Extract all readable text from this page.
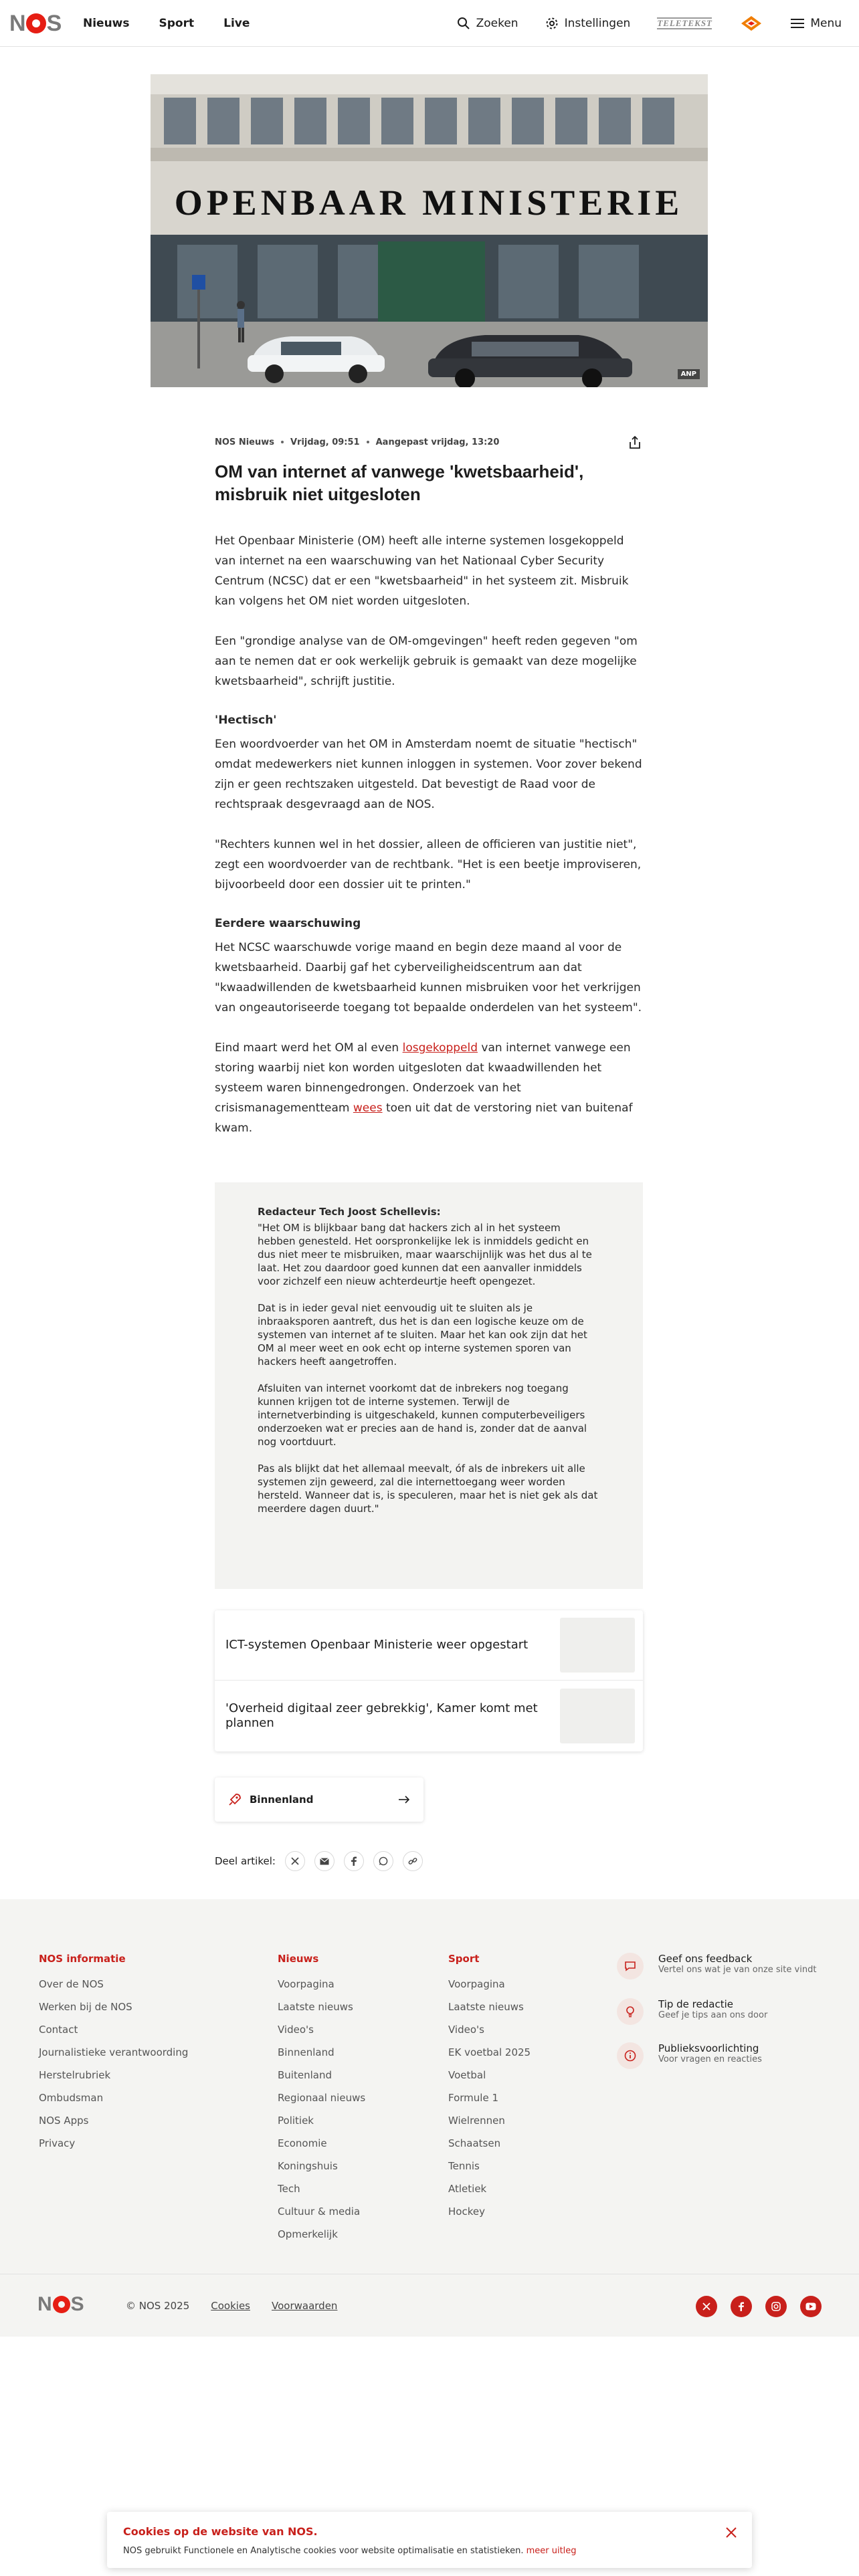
N S Nieuws	Sport	Live	Zoeken	Instellingen	TELETEKST	Menu
OPENBAAR MINISTERIE
ANP
NOS Nieuws Vrijdag, 09:51 Aangepast vrijdag, 13:20
OM van internet af vanwege 'kwetsbaarheid', misbruik niet uitgesloten

Het Openbaar Ministerie (OM) heeft alle interne systemen losgekoppeld van internet na een waarschuwing van het Nationaal Cyber Security Centrum (NCSC) dat er een "kwetsbaarheid" in het systeem zit. Misbruik kan volgens het OM niet worden uitgesloten.

Een "grondige analyse van de OM-omgevingen" heeft reden gegeven "om aan te nemen dat er ook werkelijk gebruik is gemaakt van deze mogelijke kwetsbaarheid", schrijft justitie.

'Hectisch'

Een woordvoerder van het OM in Amsterdam noemt de situatie "hectisch" omdat medewerkers niet kunnen inloggen in systemen. Voor zover bekend zijn er geen rechtszaken uitgesteld. Dat bevestigt de Raad voor de rechtspraak desgevraagd aan de NOS.

"Rechters kunnen wel in het dossier, alleen de officieren van justitie niet", zegt een woordvoerder van de rechtbank. "Het is een beetje improviseren, bijvoorbeeld door een dossier uit te printen."

Eerdere waarschuwing

Het NCSC waarschuwde vorige maand en begin deze maand al voor de kwetsbaarheid. Daarbij gaf het cyberveiligheidscentrum aan dat "kwaadwillenden de kwetsbaarheid kunnen misbruiken voor het verkrijgen van ongeautoriseerde toegang tot bepaalde onderdelen van het systeem".

Eind maart werd het OM al even losgekoppeld van internet vanwege een storing waarbij niet kon worden uitgesloten dat kwaadwillenden het systeem waren binnengedrongen. Onderzoek van het crisismanagementteam wees toen uit dat de verstoring niet van buitenaf kwam.

Redacteur Tech Joost Schellevis:

"Het OM is blijkbaar bang dat hackers zich al in het systeem hebben genesteld. Het oorspronkelijke lek is inmiddels gedicht en dus niet meer te misbruiken, maar waarschijnlijk was het dus al te laat. Het zou daardoor goed kunnen dat een aanvaller inmiddels voor zichzelf een nieuw achterdeurtje heeft opengezet.

Dat is in ieder geval niet eenvoudig uit te sluiten als je inbraaksporen aantreft, dus het is dan een logische keuze om de systemen van internet af te sluiten. Maar het kan ook zijn dat het OM al meer weet en ook echt op interne systemen sporen van hackers heeft aangetroffen.

Afsluiten van internet voorkomt dat de inbrekers nog toegang kunnen krijgen tot de interne systemen. Terwijl de internetverbinding is uitgeschakeld, kunnen computerbeveiligers onderzoeken wat er precies aan de hand is, zonder dat de aanval nog voortduurt.

Pas als blijkt dat het allemaal meevalt, óf als de inbrekers uit alle systemen zijn geweerd, zal die internettoegang weer worden hersteld. Wanneer dat is, is speculeren, maar het is niet gek als dat meerdere dagen duurt."

ICT-systemen Openbaar Ministerie weer opgestart
'Overheid digitaal zeer gebrekkig', Kamer komt met plannen
Binnenland
Deel artikel:
NOS informatie
Over de NOS
Werken bij de NOS
Contact
Journalistieke verantwoording
Herstelrubriek
Ombudsman
NOS Apps
Privacy
Nieuws
Voorpagina
Laatste nieuws
Video's
Binnenland
Buitenland
Regionaal nieuws
Politiek
Economie
Koningshuis
Tech
Cultuur & media
Opmerkelijk
Sport
Voorpagina
Laatste nieuws
Video's
EK voetbal 2025
Voetbal
Formule 1
Wielrennen
Schaatsen
Tennis
Atletiek
Hockey
Geef ons feedback
Vertel ons wat je van onze site vindt
Tip de redactie
Geef je tips aan ons door
Publieksvoorlichting
Voor vragen en reacties
N S	© NOS 2025 Cookies Voorwaarden
Cookies op de website van NOS.
NOS gebruikt Functionele en Analytische cookies voor website optimalisatie en statistieken. meer uitleg
